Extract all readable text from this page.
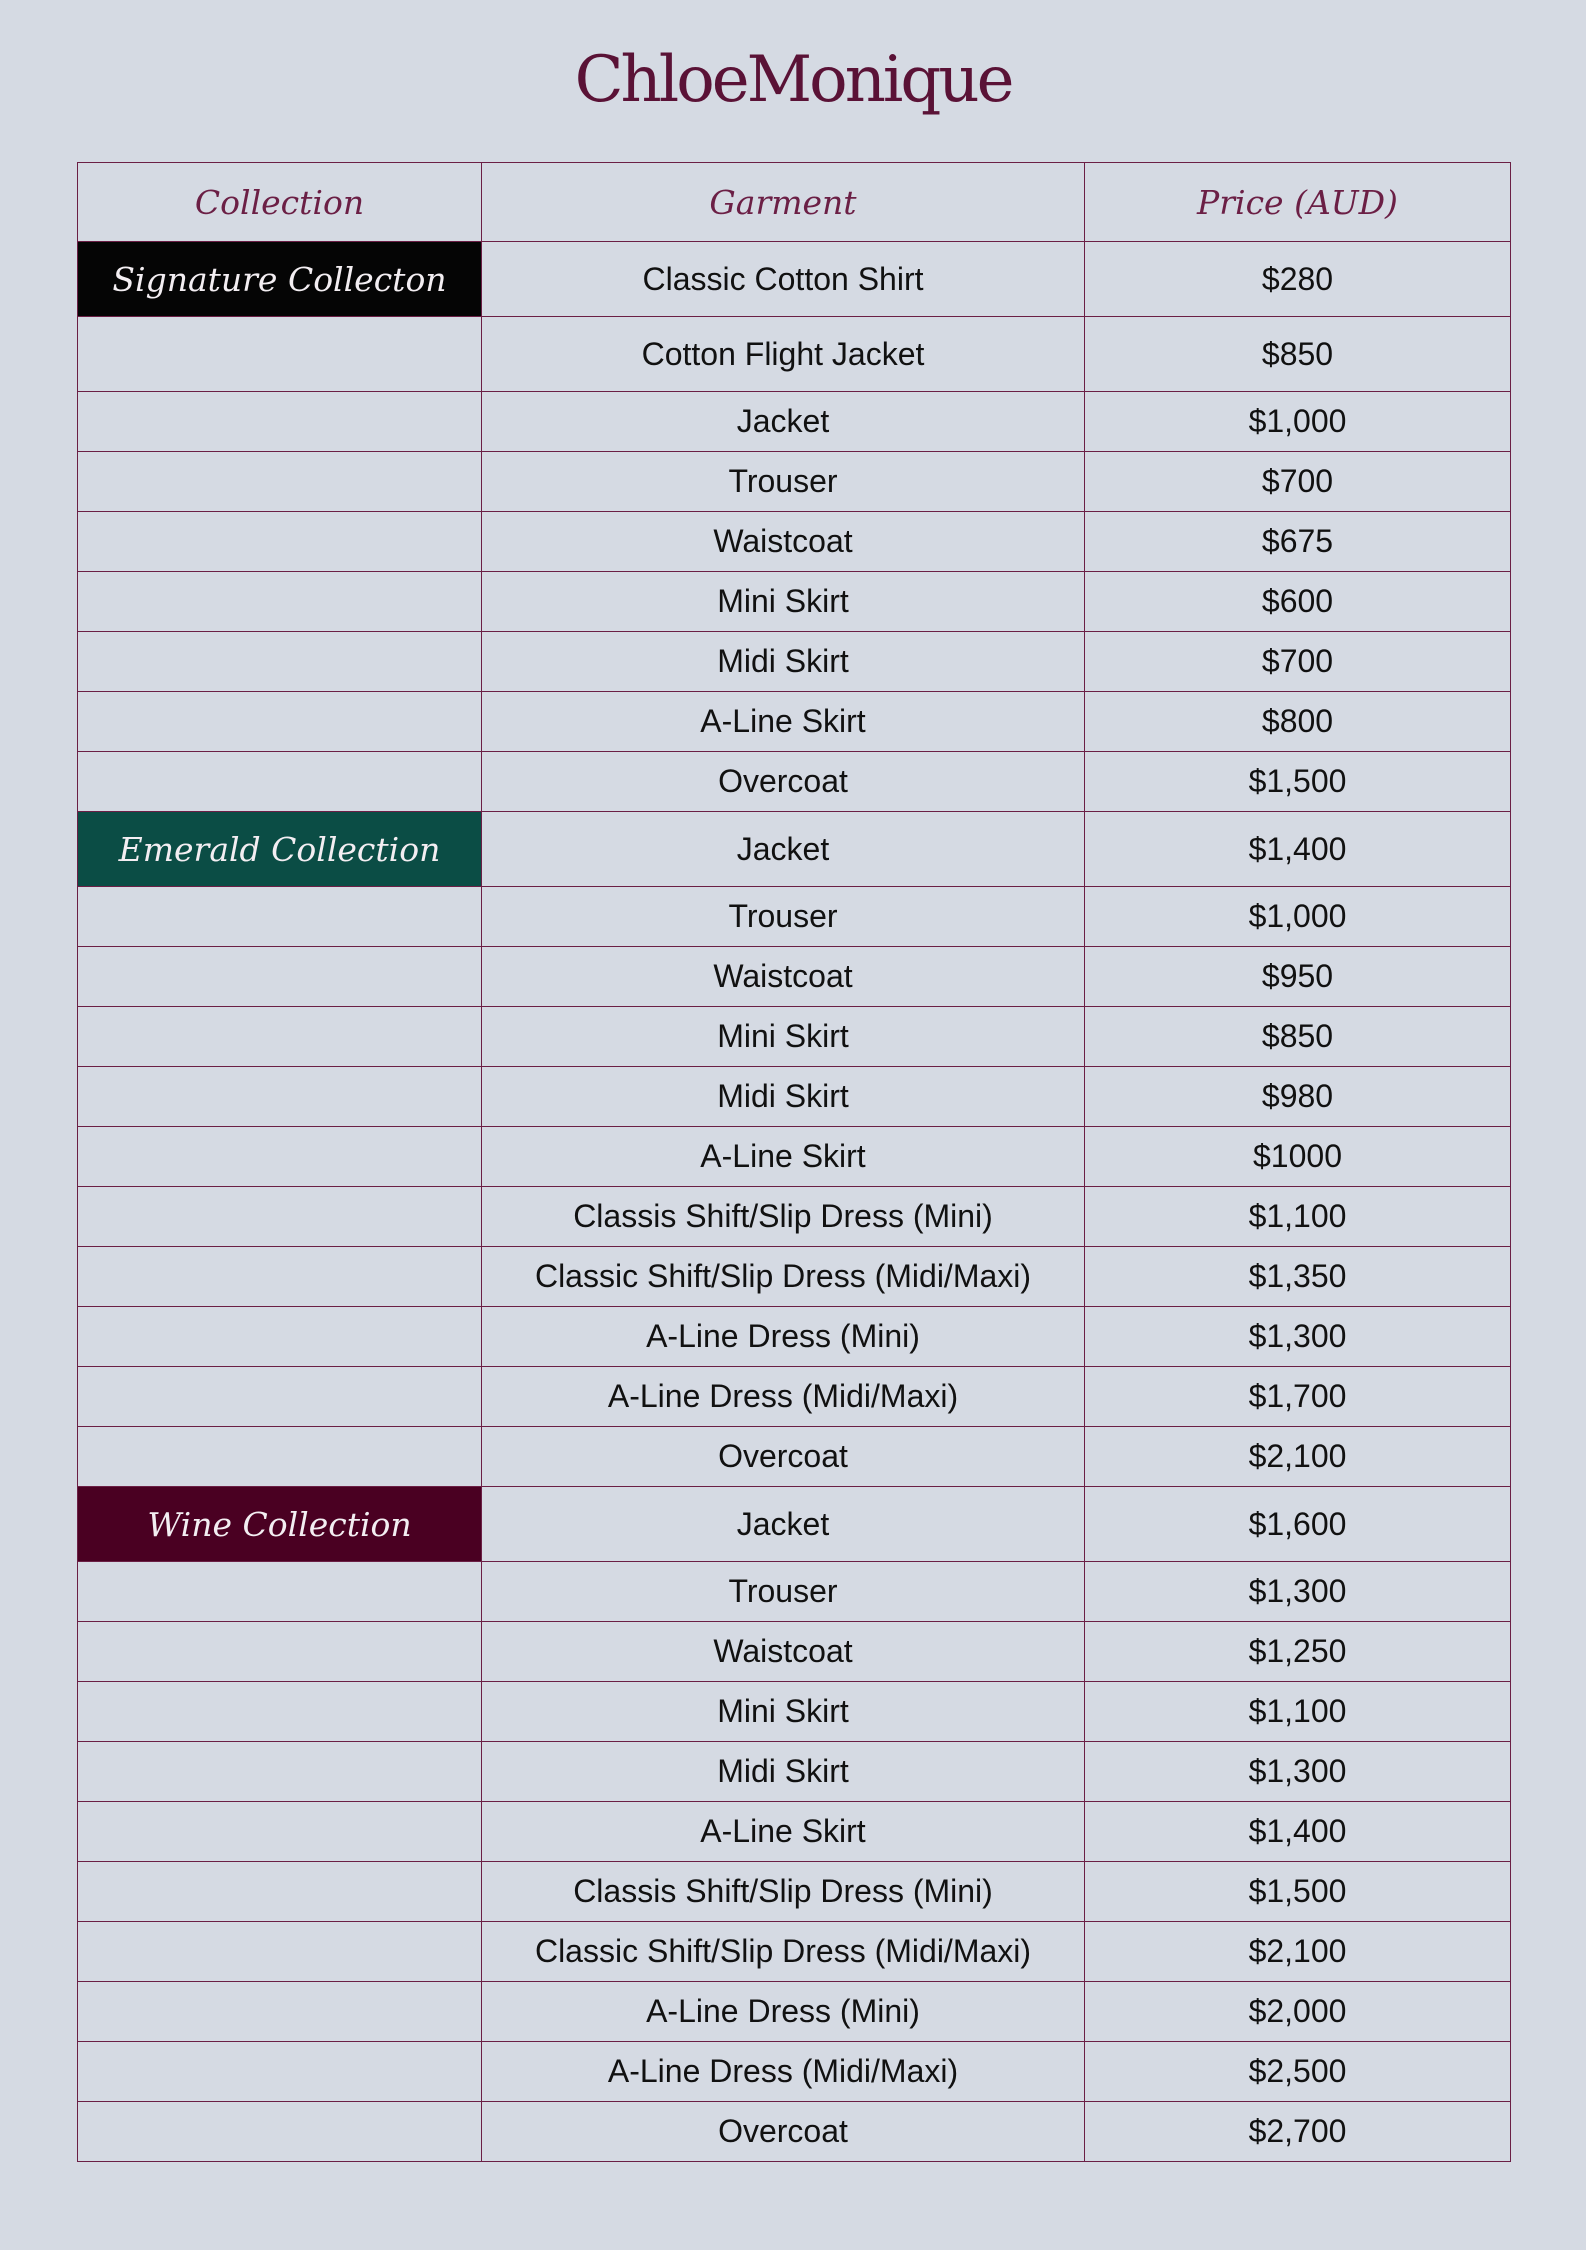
ChloeMonique
Collection	Garment	Price (AUD)
Signature Collecton	Classic Cotton Shirt	$280
	Cotton Flight Jacket	$850
	Jacket	$1,000
	Trouser	$700
	Waistcoat	$675
	Mini Skirt	$600
	Midi Skirt	$700
	A-Line Skirt	$800
	Overcoat	$1,500
Emerald Collection	Jacket	$1,400
	Trouser	$1,000
	Waistcoat	$950
	Mini Skirt	$850
	Midi Skirt	$980
	A-Line Skirt	$1000
	Classis Shift/Slip Dress (Mini)	$1,100
	Classic Shift/Slip Dress (Midi/Maxi)	$1,350
	A-Line Dress (Mini)	$1,300
	A-Line Dress (Midi/Maxi)	$1,700
	Overcoat	$2,100
Wine Collection	Jacket	$1,600
	Trouser	$1,300
	Waistcoat	$1,250
	Mini Skirt	$1,100
	Midi Skirt	$1,300
	A-Line Skirt	$1,400
	Classis Shift/Slip Dress (Mini)	$1,500
	Classic Shift/Slip Dress (Midi/Maxi)	$2,100
	A-Line Dress (Mini)	$2,000
	A-Line Dress (Midi/Maxi)	$2,500
	Overcoat	$2,700
